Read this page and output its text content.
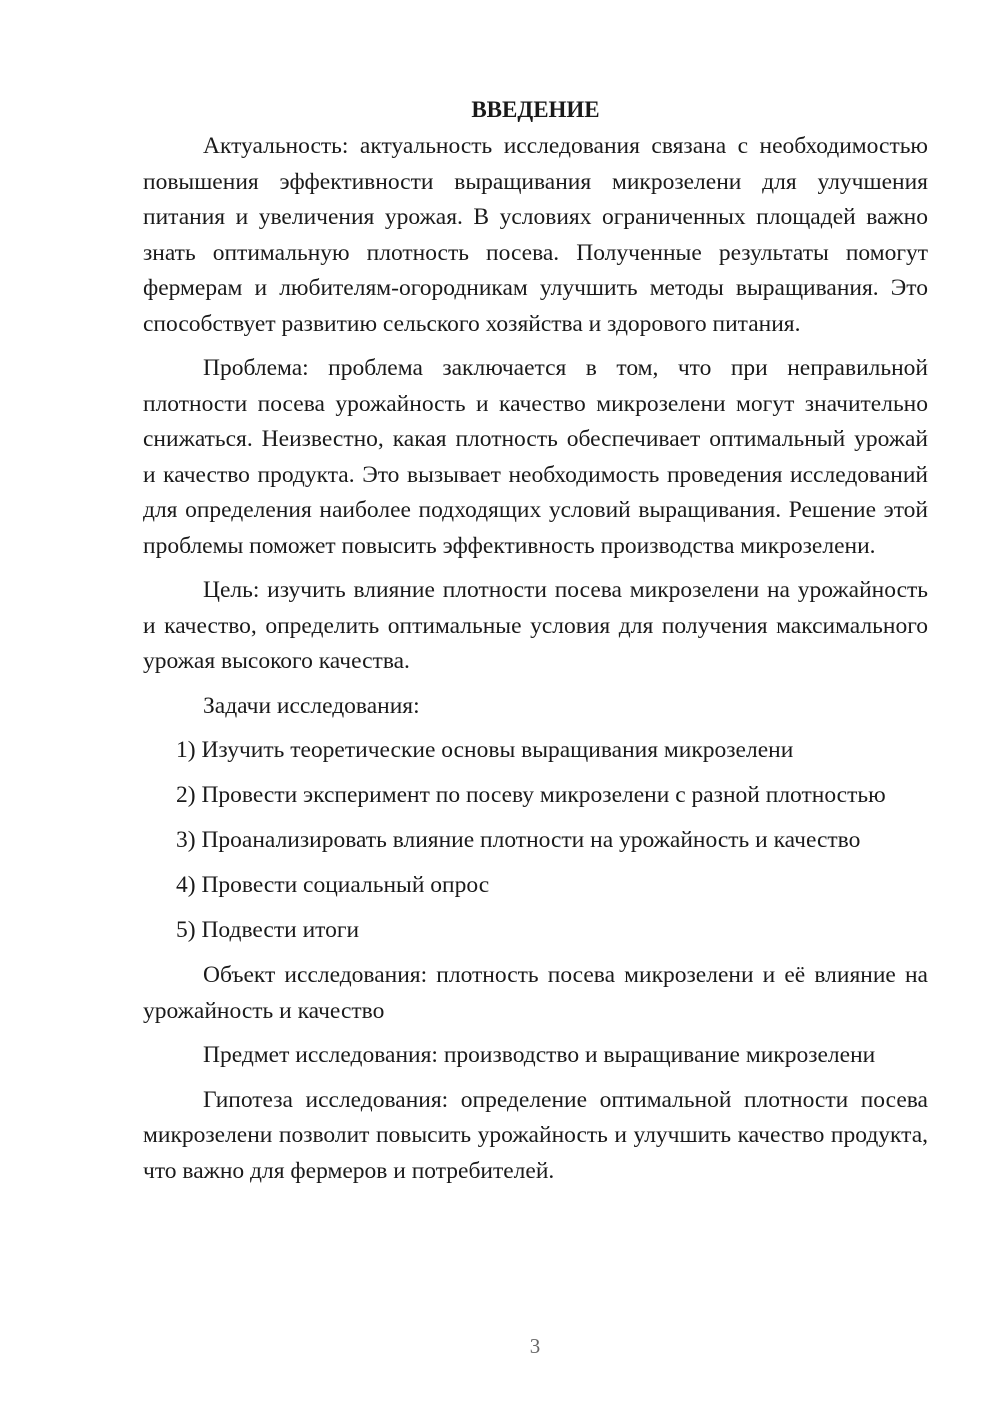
ВВЕДЕНИЕ

Актуальность: актуальность исследования связана с необходимостью повышения эффективности выращивания микрозелени для улучшения питания и увеличения урожая. В условиях ограниченных площадей важно знать оптимальную плотность посева. Полученные результаты помогут фермерам и любителям-огородникам улучшить методы выращивания. Это способствует развитию сельского хозяйства и здорового питания.

Проблема: проблема заключается в том, что при неправильной плотности посева урожайность и качество микрозелени могут значительно снижаться. Неизвестно, какая плотность обеспечивает оптимальный урожай и качество продукта. Это вызывает необходимость проведения исследований для определения наиболее подходящих условий выращивания. Решение этой проблемы поможет повысить эффективность производства микрозелени.

Цель: изучить влияние плотности посева микрозелени на урожайность и качество, определить оптимальные условия для получения максимального урожая высокого качества.

Задачи исследования:

1) Изучить теоретические основы выращивания микрозелени
2) Провести эксперимент по посеву микрозелени с разной плотностью
3) Проанализировать влияние плотности на урожайность и качество
4) Провести социальный опрос
5) Подвести итоги

Объект исследования: плотность посева микрозелени и её влияние на урожайность и качество

Предмет исследования: производство и выращивание микрозелени

Гипотеза исследования: определение оптимальной плотности посева микрозелени позволит повысить урожайность и улучшить качество продукта, что важно для фермеров и потребителей.

3
